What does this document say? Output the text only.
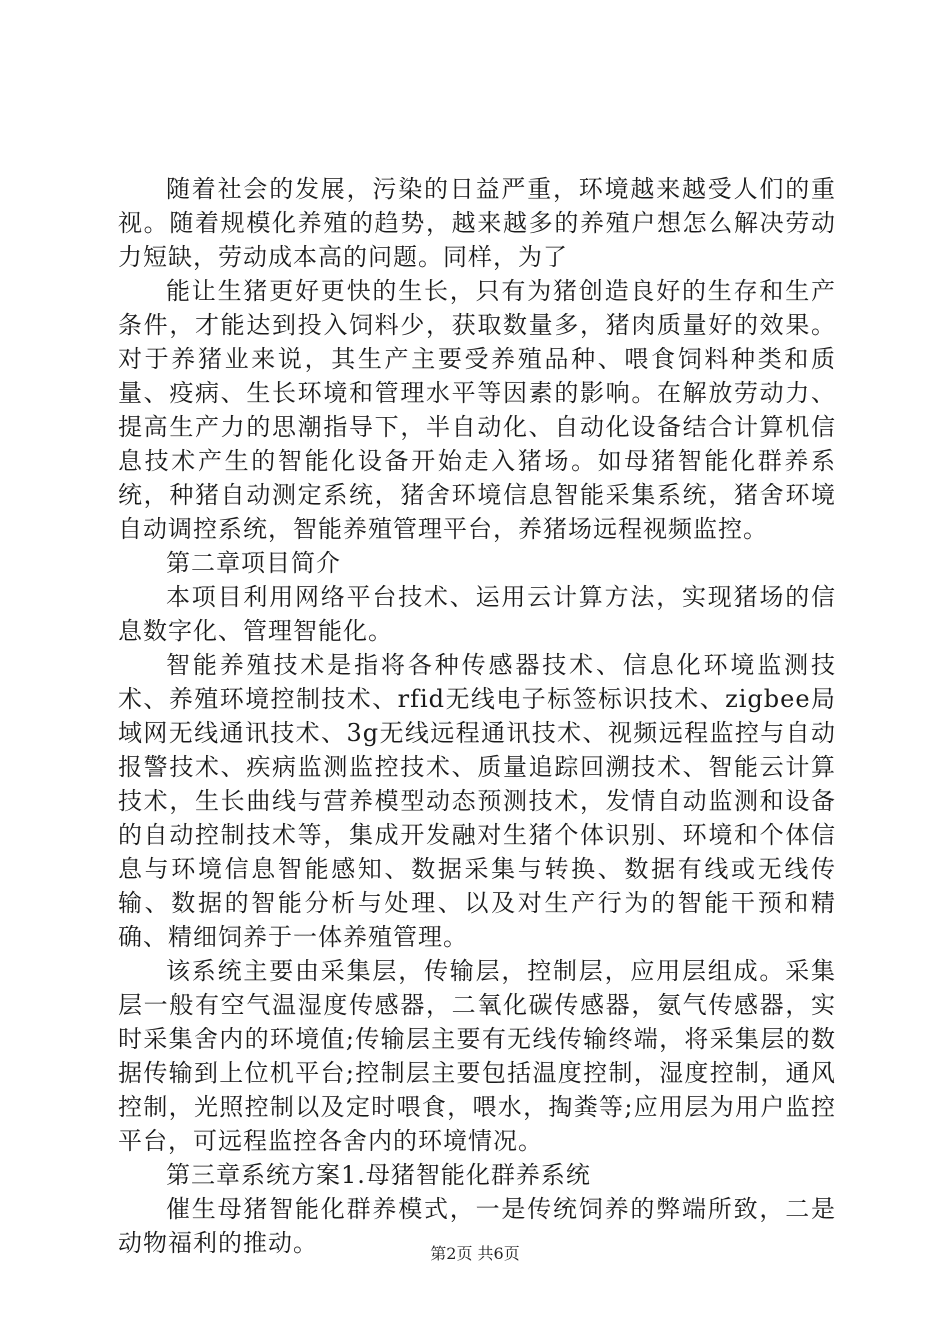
随着社会的发展，污染的日益严重，环境越来越受人们的重视。随着规模化养殖的趋势，越来越多的养殖户想怎么解决劳动力短缺，劳动成本高的问题。同样，为了

能让生猪更好更快的生长，只有为猪创造良好的生存和生产条件，才能达到投入饲料少，获取数量多，猪肉质量好的效果。对于养猪业来说，其生产主要受养殖品种、喂食饲料种类和质量、疫病、生长环境和管理水平等因素的影响。在解放劳动力、提高生产力的思潮指导下，半自动化、自动化设备结合计算机信息技术产生的智能化设备开始走入猪场。如母猪智能化群养系统，种猪自动测定系统，猪舍环境信息智能采集系统，猪舍环境自动调控系统，智能养殖管理平台，养猪场远程视频监控。

第二章项目简介

本项目利用网络平台技术、运用云计算方法，实现猪场的信息数字化、管理智能化。

智能养殖技术是指将各种传感器技术、信息化环境监测技术、养殖环境控制技术、rfid无线电子标签标识技术、zigbee局域网无线通讯技术、3g无线远程通讯技术、视频远程监控与自动报警技术、疾病监测监控技术、质量追踪回溯技术、智能云计算技术，生长曲线与营养模型动态预测技术，发情自动监测和设备的自动控制技术等，集成开发融对生猪个体识别、环境和个体信息与环境信息智能感知、数据采集与转换、数据有线或无线传输、数据的智能分析与处理、以及对生产行为的智能干预和精确、精细饲养于一体养殖管理。

该系统主要由采集层，传输层，控制层，应用层组成。采集层一般有空气温湿度传感器，二氧化碳传感器，氨气传感器，实时采集舍内的环境值;传输层主要有无线传输终端，将采集层的数据传输到上位机平台;控制层主要包括温度控制，湿度控制，通风控制，光照控制以及定时喂食，喂水，掏粪等;应用层为用户监控平台，可远程监控各舍内的环境情况。

第三章系统方案1.母猪智能化群养系统

催生母猪智能化群养模式，一是传统饲养的弊端所致，二是动物福利的推动。	第2页 共6页
